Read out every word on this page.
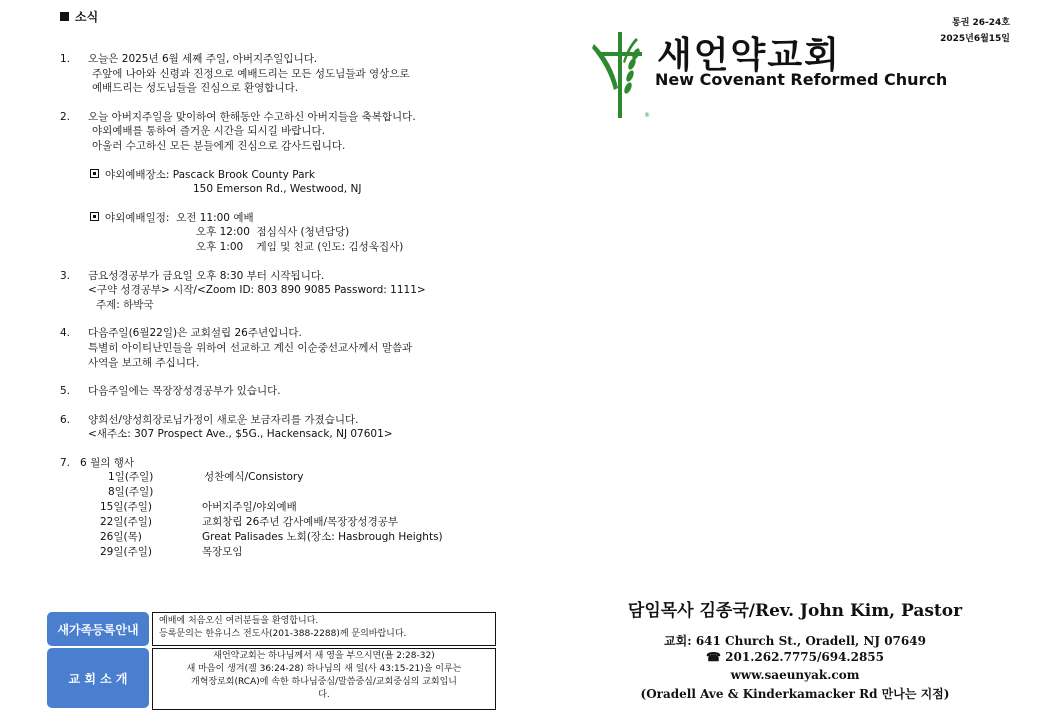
소식	통권 26-24호
2025년6월15일
새언약교회
New Covenant Reformed Church
®
1. 오늘은 2025년 6월 세째 주일, 아버지주일입니다.
주앞에 나아와 신령과 진정으로 예배드리는 모든 성도님들과 영상으로
예배드리는 성도님들을 진심으로 환영합니다.
2. 오늘 아버지주일을 맞이하여 한해동안 수고하신 아버지들을 축복합니다.
야외예배를 통하여 즐거운 시간을 되시길 바랍니다.
아울러 수고하신 모든 분들에게 진심으로 감사드립니다.
야외예배장소: Pascack Brook County Park
150 Emerson Rd., Westwood, NJ
야외예배일정: 오전 11:00 예배
오후 12:00  점심식사 (청년담당)
오후 1:00    게임 및 친교 (인도: 김성욱집사)
3. 금요성경공부가 금요일 오후 8:30 부터 시작됩니다.
<구약 성경공부> 시작/<Zoom ID: 803 890 9085 Password: 1111>
주제: 하박국
4. 다음주일(6월22일)은 교회설립 26주년입니다.
특별히 아이티난민들을 위하여 선교하고 계신 이순중선교사께서 말씀과
사역을 보고해 주십니다.
5. 다음주일에는 목장장성경공부가 있습니다.
6. 양희선/양성희장로님가정이 새로운 보금자리를 가졌습니다.
<새주소: 307 Prospect Ave., $5G., Hackensack, NJ 07601>
7. 6 월의 행사
1일(주일)	성찬예식/Consistory
8일(주일)
15일(주일)	아버지주일/야외예배
22일(주일)	교회창립 26주년 감사예배/목장장성경공부
26일(목)	Great Palisades 노회(장소: Hasbrough Heights)
29일(주일)	목장모임
새가족등록안내
예배에 처음오신 여러분들을 환영합니다.
등록문의는 한유니스 전도사(201-388-2288)께 문의바랍니다.
교 회 소 개
새언약교회는 하나님께서 새 영을 부으시면(욜 2:28-32)
새 마음이 생겨(겔 36:24-28) 하나님의 새 일(사 43:15-21)을 이루는
개혁장로회(RCA)에 속한 하나님중심/말씀중심/교회중심의 교회입니
다.
담임목사 김종국/Rev. John Kim, Pastor
교회: 641 Church St., Oradell, NJ 07649
☎ 201.262.7775/694.2855
www.saeunyak.com
(Oradell Ave & Kinderkamacker Rd 만나는 지점)
